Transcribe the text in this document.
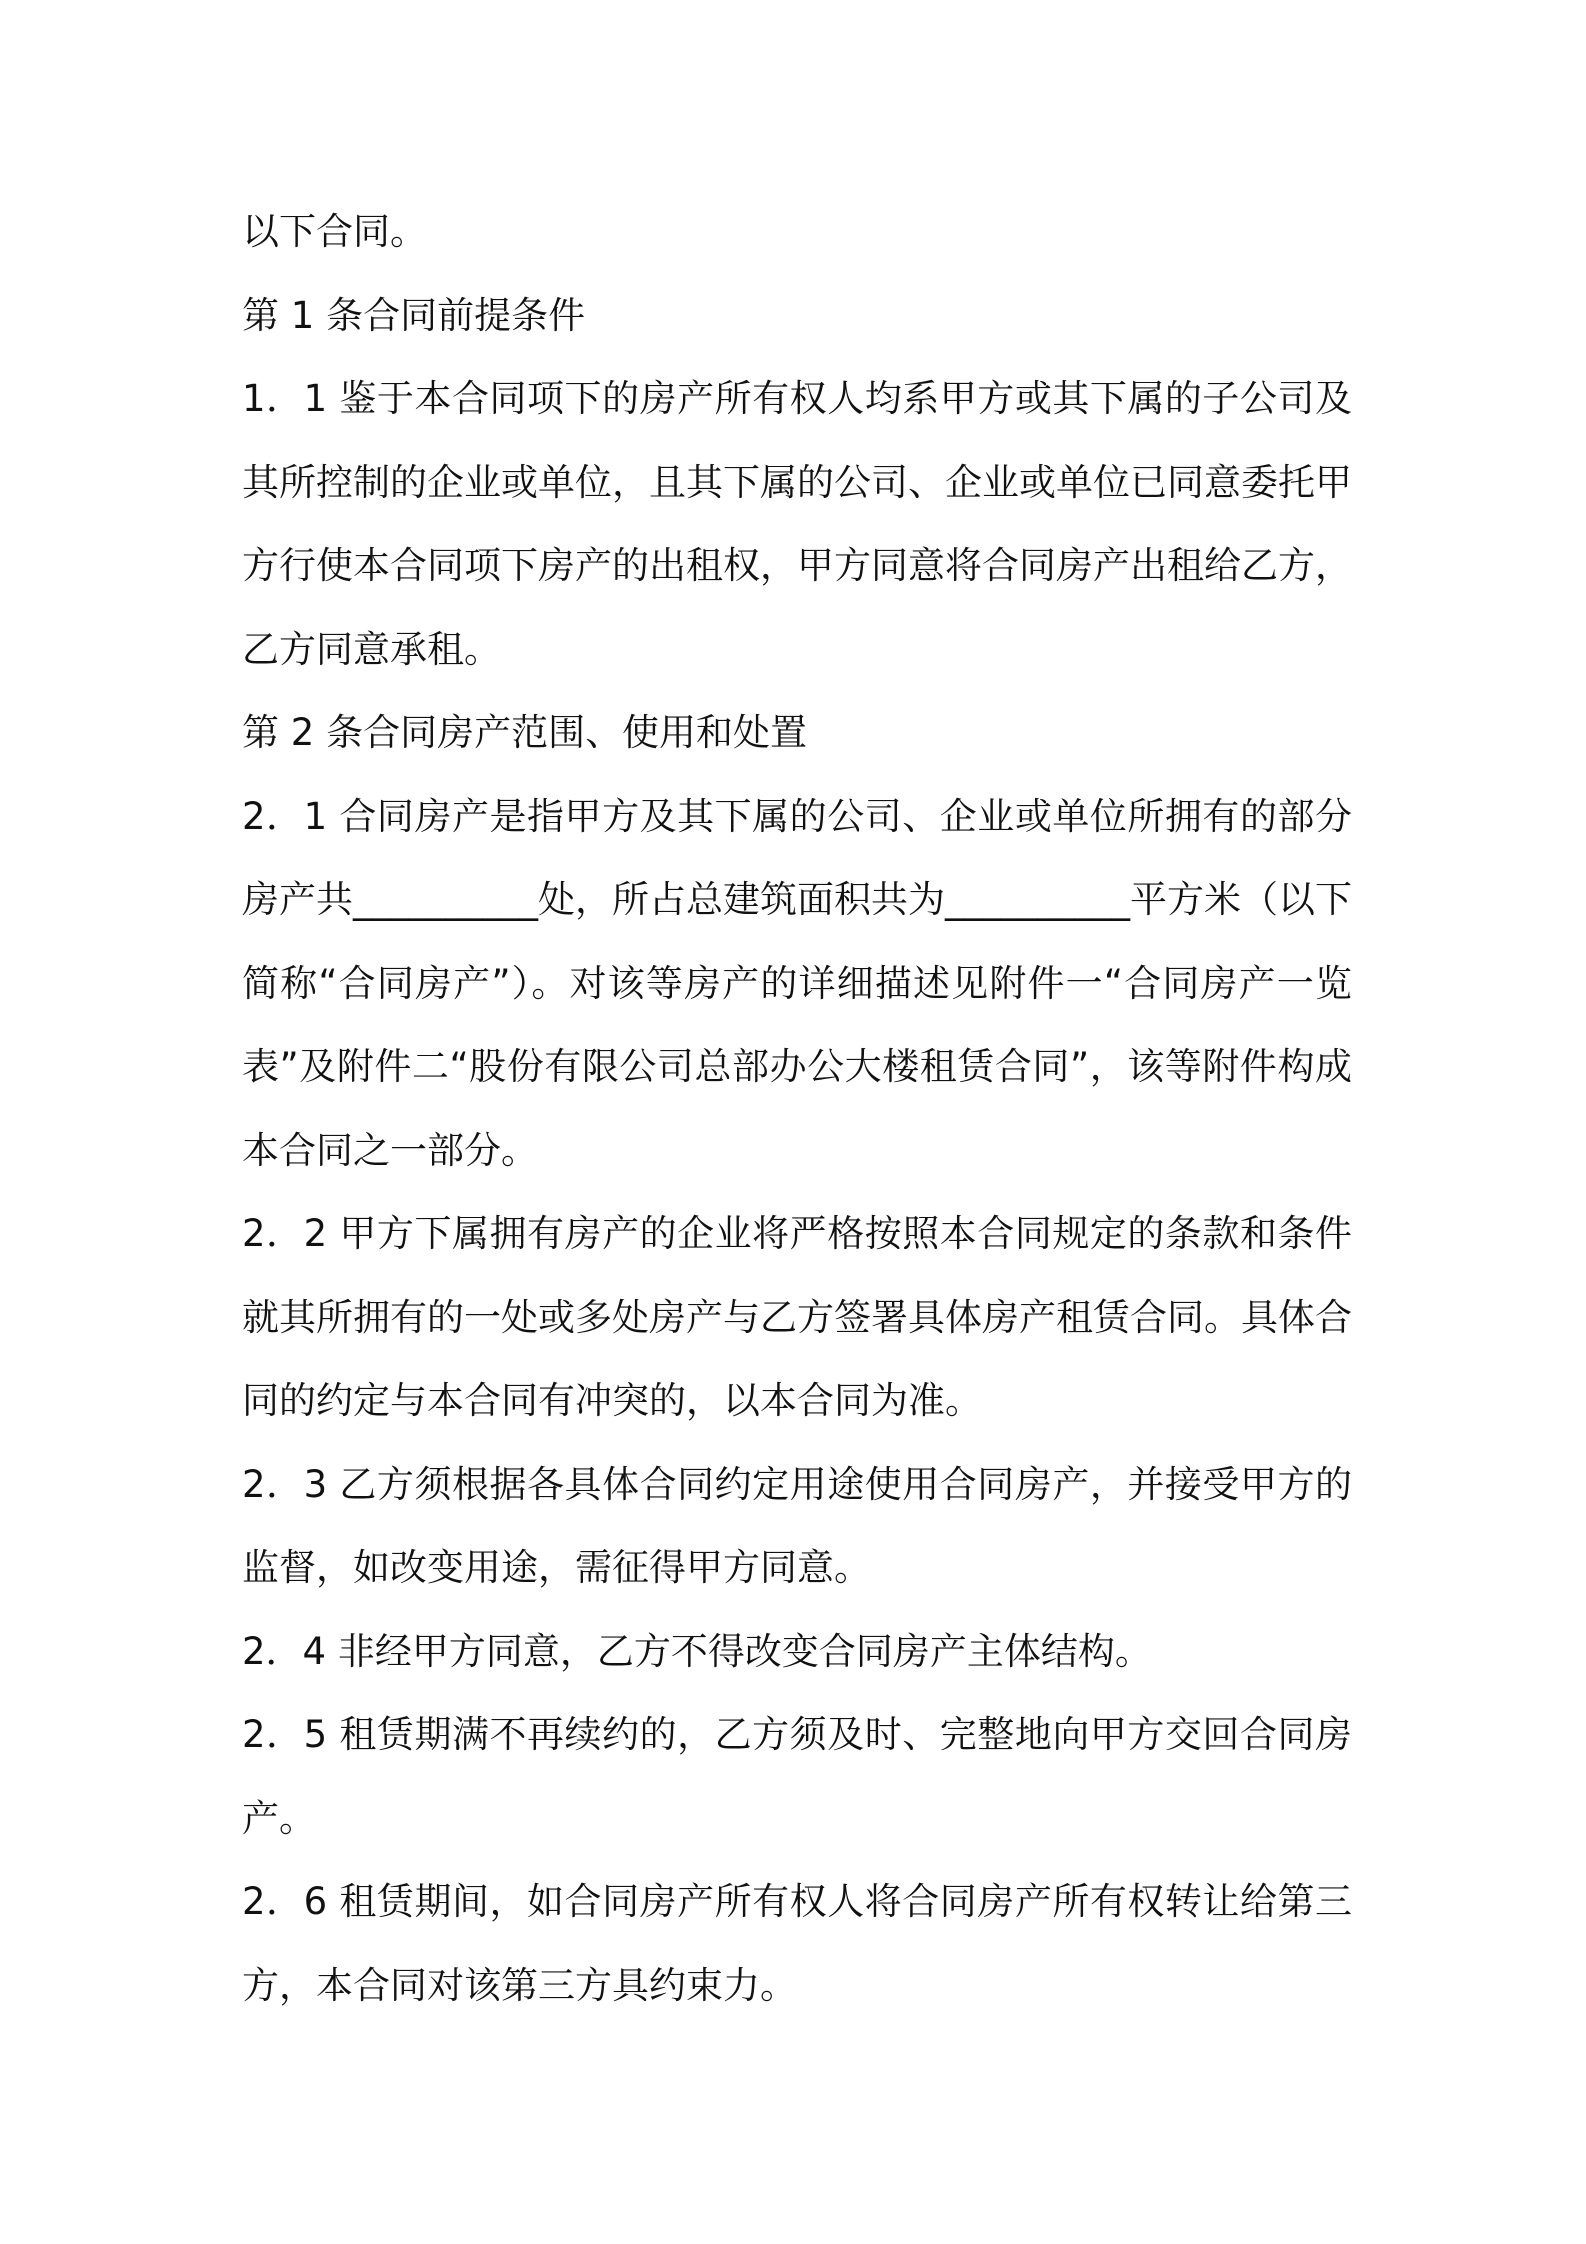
以下合同。

第 1 条合同前提条件

1．1 鉴于本合同项下的房产所有权人均系甲方或其下属的子公司及其所控制的企业或单位，且其下属的公司、企业或单位已同意委托甲方行使本合同项下房产的出租权，甲方同意将合同房产出租给乙方，乙方同意承租。

第 2 条合同房产范围、使用和处置

2．1 合同房产是指甲方及其下属的公司、企业或单位所拥有的部分房产共__________处，所占总建筑面积共为__________平方米（以下简称“合同房产”）。对该等房产的详细描述见附件一“合同房产一览表”及附件二“股份有限公司总部办公大楼租赁合同”，该等附件构成本合同之一部分。

2．2 甲方下属拥有房产的企业将严格按照本合同规定的条款和条件就其所拥有的一处或多处房产与乙方签署具体房产租赁合同。具体合同的约定与本合同有冲突的，以本合同为准。

2．3 乙方须根据各具体合同约定用途使用合同房产，并接受甲方的监督，如改变用途，需征得甲方同意。

2．4 非经甲方同意，乙方不得改变合同房产主体结构。

2．5 租赁期满不再续约的，乙方须及时、完整地向甲方交回合同房产。

2．6 租赁期间，如合同房产所有权人将合同房产所有权转让给第三方，本合同对该第三方具约束力。
